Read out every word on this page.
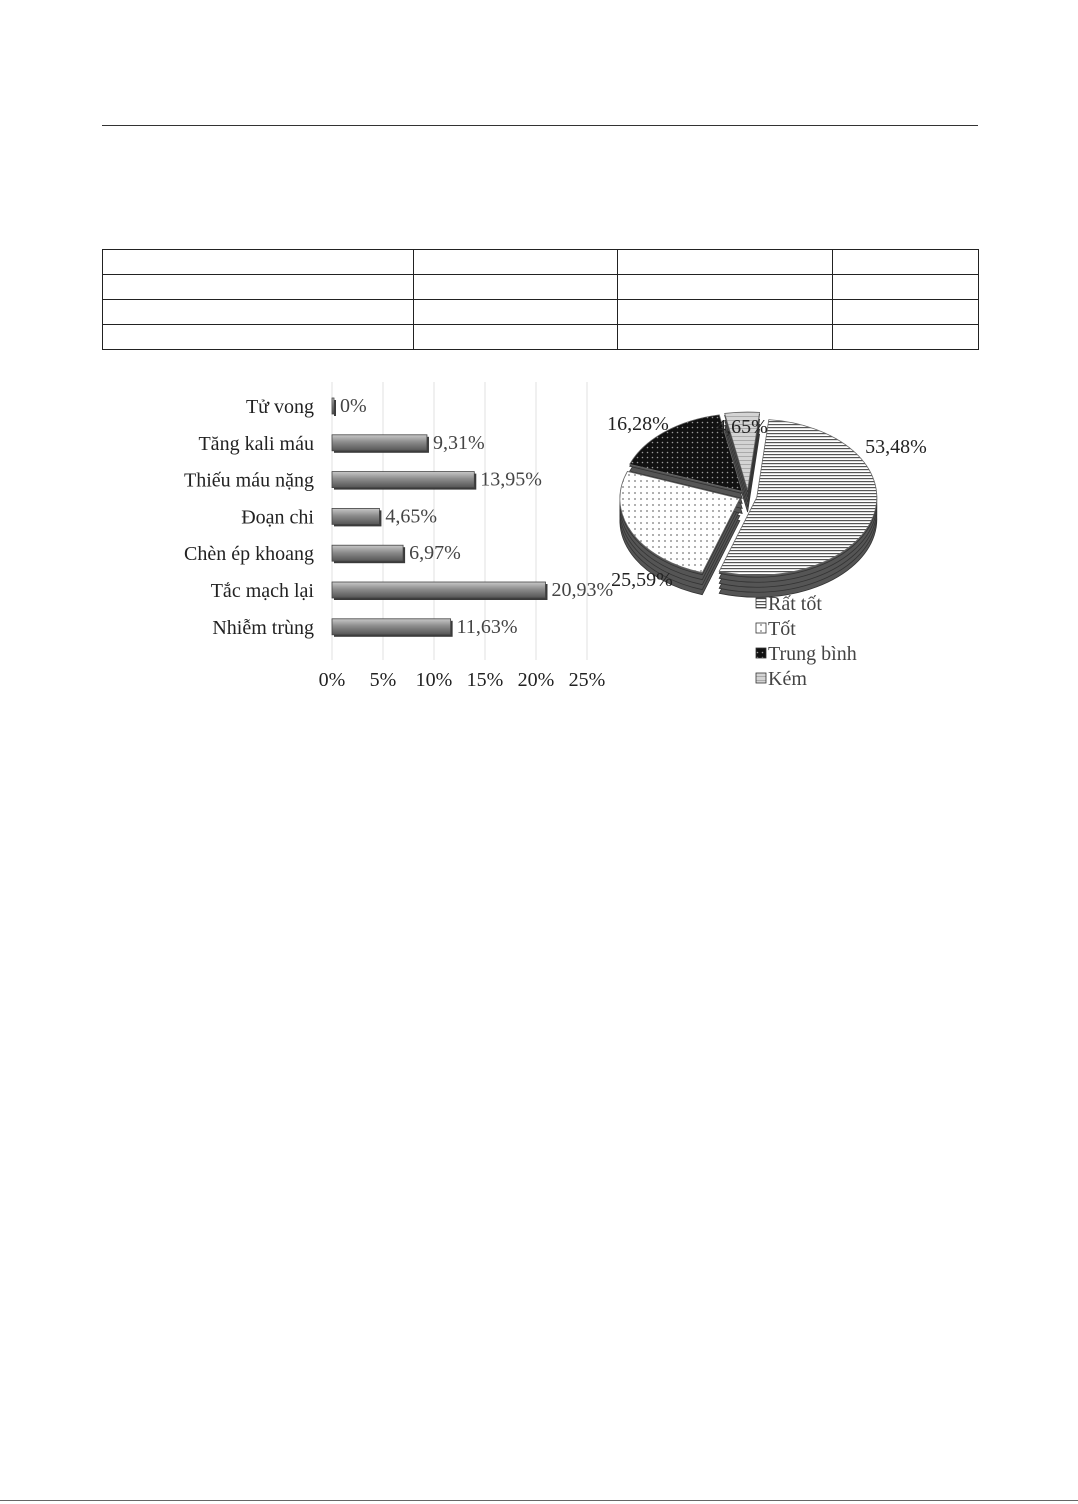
Tử vong
Tăng kali máu
Thiếu máu nặng
Đoạn chi
Chèn ép khoang
Tắc mạch lại
Nhiễm trùng
0%
9,31%
13,95%
4,65%
6,97%
20,93%
11,63%
0% 5% 10% 15% 20% 25%
53,48%
25,59%
16,28% 4,65%
Rất tốt
Tốt
Trung bình
Kém
